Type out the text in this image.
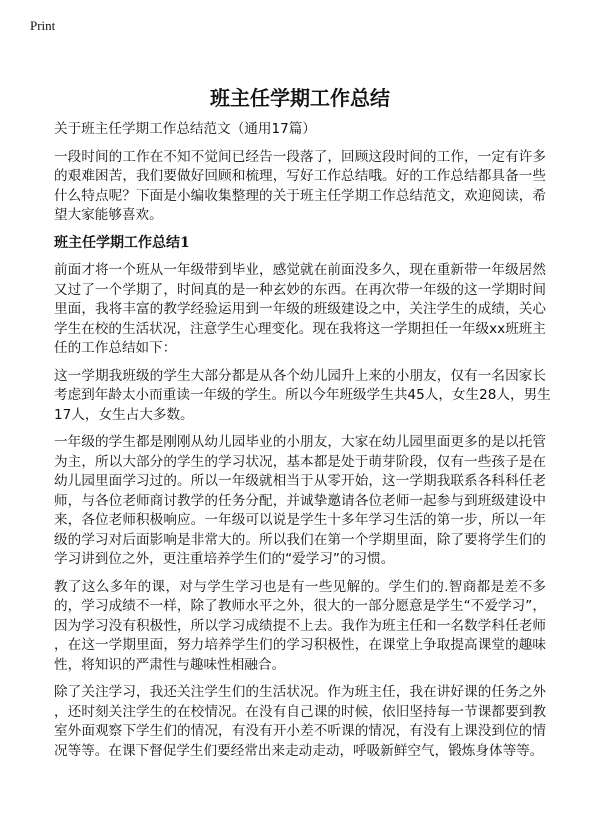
Print
班主任学期工作总结
关于班主任学期工作总结范文（通用17篇）
一段时间的工作在不知不觉间已经告一段落了，回顾这段时间的工作，一定有许多
的艰难困苦，我们要做好回顾和梳理，写好工作总结哦。好的工作总结都具备一些
什么特点呢？下面是小编收集整理的关于班主任学期工作总结范文，欢迎阅读，希
望大家能够喜欢。
班主任学期工作总结1
前面才将一个班从一年级带到毕业，感觉就在前面没多久，现在重新带一年级居然
又过了一个学期了，时间真的是一种玄妙的东西。在再次带一年级的这一学期时间
里面，我将丰富的教学经验运用到一年级的班级建设之中，关注学生的成绩，关心
学生在校的生活状况，注意学生心理变化。现在我将这一学期担任一年级xx班班主
任的工作总结如下：
这一学期我班级的学生大部分都是从各个幼儿园升上来的小朋友，仅有一名因家长
考虑到年龄太小而重读一年级的学生。所以今年班级学生共45人，女生28人，男生
17人，女生占大多数。
一年级的学生都是刚刚从幼儿园毕业的小朋友，大家在幼儿园里面更多的是以托管
为主，所以大部分的学生的学习状况，基本都是处于萌芽阶段，仅有一些孩子是在
幼儿园里面学习过的。所以一年级就相当于从零开始，这一学期我联系各科科任老
师，与各位老师商讨教学的任务分配，并诚挚邀请各位老师一起参与到班级建设中
来，各位老师积极响应。一年级可以说是学生十多年学习生活的第一步，所以一年
级的学习对后面影响是非常大的。所以我们在第一个学期里面，除了要将学生们的
学习讲到位之外，更注重培养学生们的“爱学习”的习惯。
教了这么多年的课，对与学生学习也是有一些见解的。学生们的.智商都是差不多
的，学习成绩不一样，除了教师水平之外，很大的一部分愿意是学生“不爱学习”，
因为学习没有积极性，所以学习成绩提不上去。我作为班主任和一名数学科任老师
，在这一学期里面，努力培养学生们的学习积极性，在课堂上争取提高课堂的趣味
性，将知识的严肃性与趣味性相融合。
除了关注学习，我还关注学生们的生活状况。作为班主任，我在讲好课的任务之外
，还时刻关注学生的在校情况。在没有自己课的时候，依旧坚持每一节课都要到教
室外面观察下学生们的情况，有没有开小差不听课的情况，有没有上课没到位的情
况等等。在课下督促学生们要经常出来走动走动，呼吸新鲜空气，锻炼身体等等。
